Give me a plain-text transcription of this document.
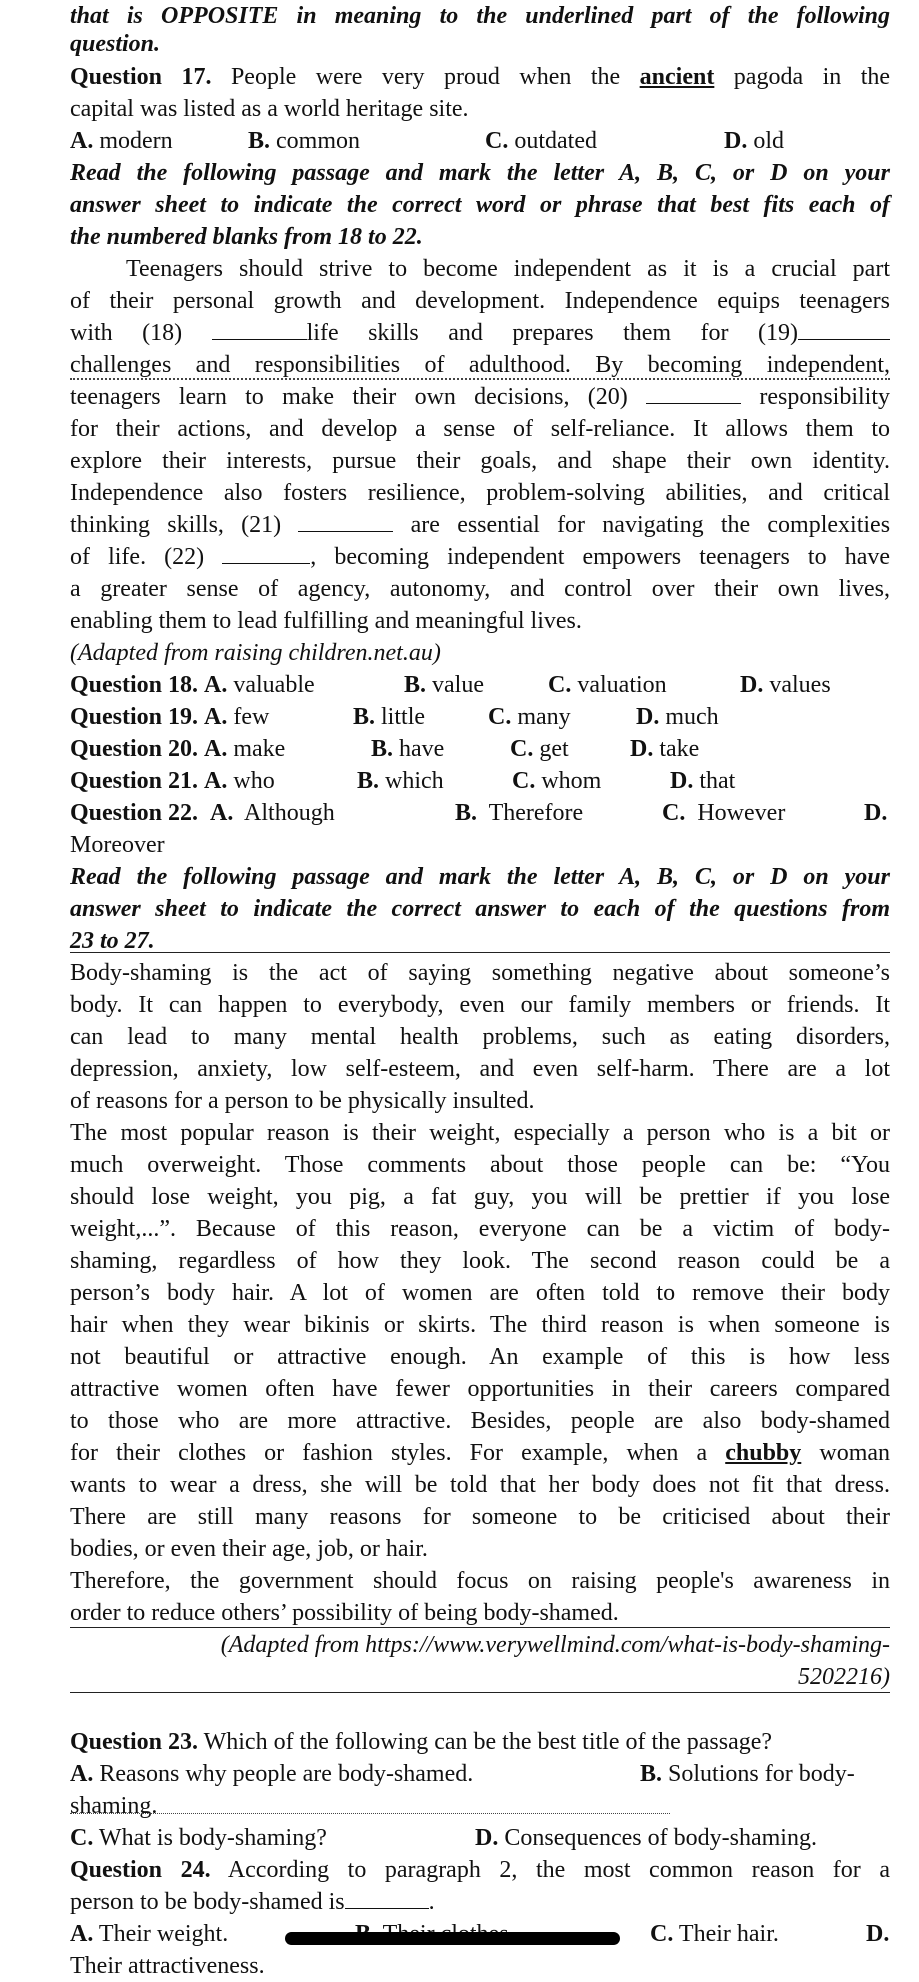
that is OPPOSITE in meaning to the underlined part of the following
question.
Question 17. People were very proud when the ancient pagoda in the
capital was listed as a world heritage site.
A. modern	B. common	C. outdated	D. old
Read the following passage and mark the letter A, B, C, or D on your
answer sheet to indicate the correct word or phrase that best fits each of
the numbered blanks from 18 to 22.
Teenagers should strive to become independent as it is a crucial part
of their personal growth and development. Independence equips teenagers
with (18)	life skills and prepares them for (19)
challenges and responsibilities of adulthood. By becoming independent,
teenagers learn to make their own decisions, (20)	responsibility
for their actions, and develop a sense of self-reliance. It allows them to
explore their interests, pursue their goals, and shape their own identity.
Independence also fosters resilience, problem-solving abilities, and critical
thinking skills, (21)	are essential for navigating the complexities
of life. (22)	, becoming independent empowers teenagers to have
a greater sense of agency, autonomy, and control over their own lives,
enabling them to lead fulfilling and meaningful lives.
(Adapted from raising children.net.au)
Question 18. A. valuable	B. value	C. valuation	D. values
Question 19. A. few	B. little	C. many	D. much
Question 20. A. make	B. have	C. get	D. take
Question 21. A. who	B. which	C. whom	D. that
Question 22. A. Although	B. Therefore	C. However	D.
Moreover
Read the following passage and mark the letter A, B, C, or D on your
answer sheet to indicate the correct answer to each of the questions from
23 to 27.
Body-shaming is the act of saying something negative about someone’s
body. It can happen to everybody, even our family members or friends. It
can lead to many mental health problems, such as eating disorders,
depression, anxiety, low self-esteem, and even self-harm. There are a lot
of reasons for a person to be physically insulted.
The most popular reason is their weight, especially a person who is a bit or
much overweight. Those comments about those people can be: “You
should lose weight, you pig, a fat guy, you will be prettier if you lose
weight,...”. Because of this reason, everyone can be a victim of body-
shaming, regardless of how they look. The second reason could be a
person’s body hair. A lot of women are often told to remove their body
hair when they wear bikinis or skirts. The third reason is when someone is
not beautiful or attractive enough. An example of this is how less
attractive women often have fewer opportunities in their careers compared
to those who are more attractive. Besides, people are also body-shamed
for their clothes or fashion styles. For example, when a chubby woman
wants to wear a dress, she will be told that her body does not fit that dress.
There are still many reasons for someone to be criticised about their
bodies, or even their age, job, or hair.
Therefore, the government should focus on raising people's awareness in
order to reduce others’ possibility of being body-shamed.
(Adapted from https://www.verywellmind.com/what-is-body-shaming-
5202216)
Question 23. Which of the following can be the best title of the passage?
A. Reasons why people are body-shamed.	B. Solutions for body-
shaming.
C. What is body-shaming?	D. Consequences of body-shaming.
Question 24. According to paragraph 2, the most common reason for a
person to be body-shamed is	.
A. Their weight.	C. Their hair.	D.
Their attractiveness.
